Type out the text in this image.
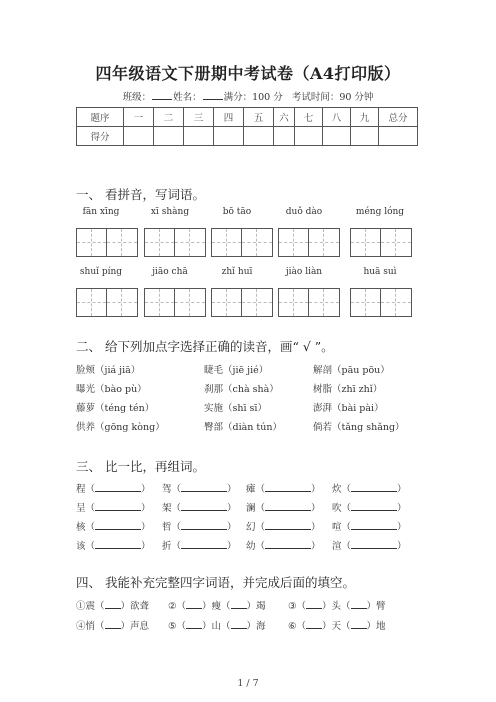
四年级语文下册期中考试卷（A4打印版）
班级： 姓名： 满分：100 分 考试时间：90 分钟
题序	一	二	三	四	五	六	七	八	九	总分
得分										
一、 看拼音，写词语。
fān xīng	xī shàng	bō tāo	duǒ dào	méng lóng
shuǐ píng	jiāo chā	zhǐ huī	jiào liàn	huā suì
二、 给下列加点字选择正确的读音，画“ √ ”。
脸颊（jiá jiā）	睫毛（jiē jié）	解剖（pāu pōu）
曝光（bào pù）	刹那（chà shà）	树脂（zhī zhǐ）
藤萝（téng tén）	实施（shī sī）	澎湃（bài pài）
供养（gōng kòng）	臀部（diàn tún）	倘若（tǎng shǎng）
三、 比一比，再组词。
程（	） 驾（	） 瘫（	） 炊（	）
呈（	） 架（	） 澜（	） 吹（	）
核（	） 哲（	） 幻（	） 喧（	）
该（	） 折（	） 幼（	） 渲（	）
四、 我能补充完整四字词语，并完成后面的填空。
①震（ ）欲聋 ②（ ）瘦（ ）竭 ③（ ）头（ ）臂
④悄（ ）声息 ⑤（ ）山（ ）海 ⑥（ ）天（ ）地
1 / 7
